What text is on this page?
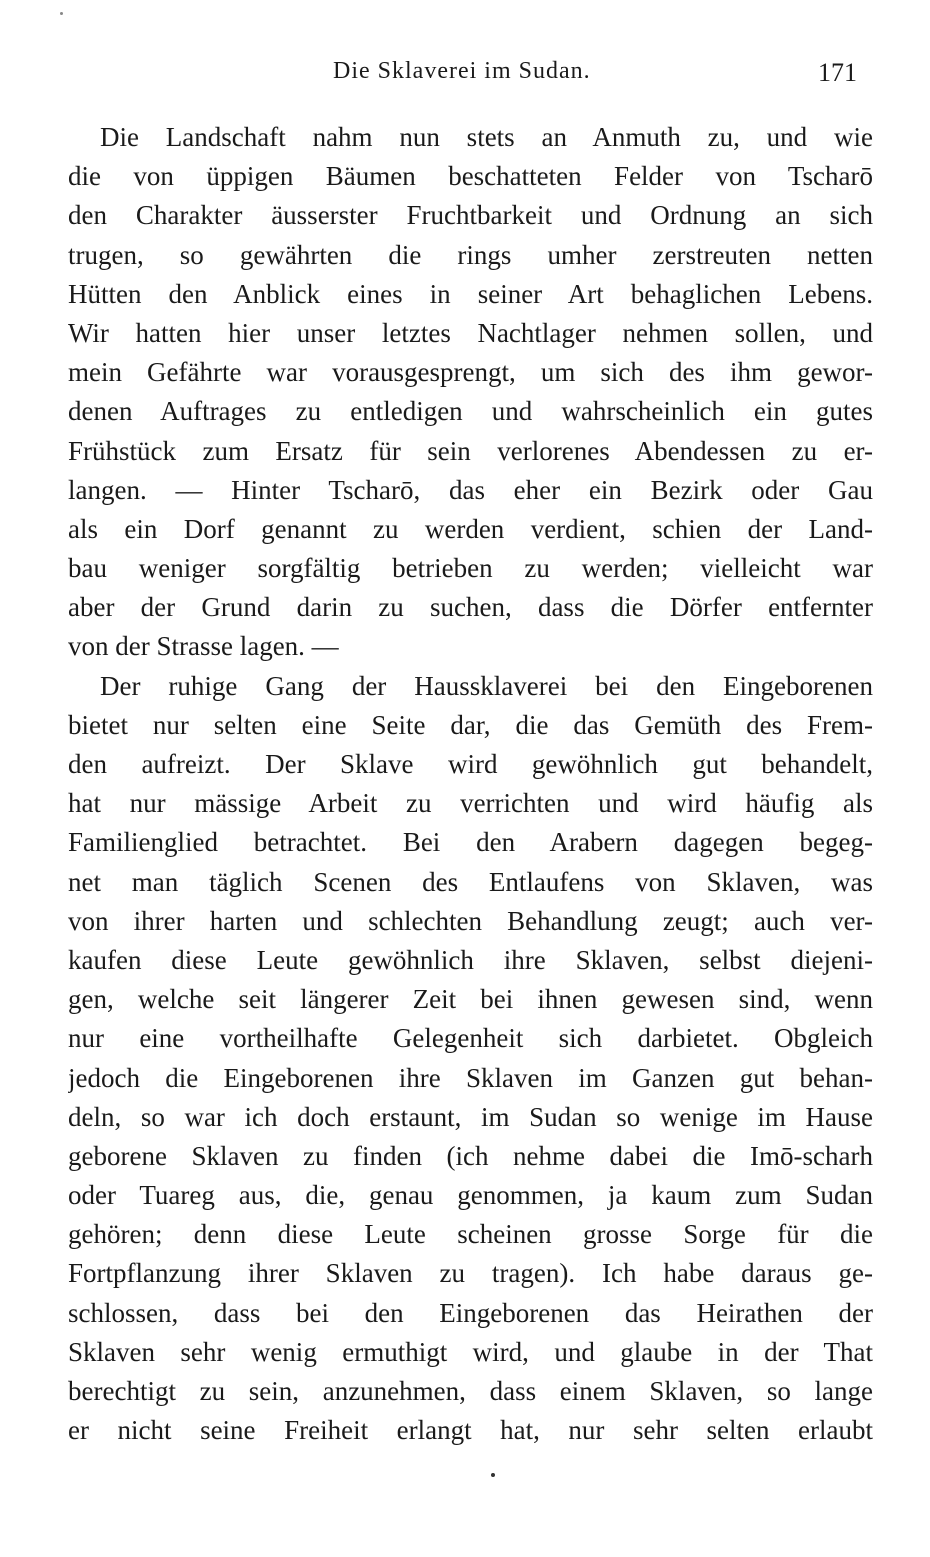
Die Sklaverei im Sudan.	171
Die Landschaft nahm nun stets an Anmuth zu, und wie
die von üppigen Bäumen beschatteten Felder von Tscharō
den Charakter äusserster Fruchtbarkeit und Ordnung an sich
trugen, so gewährten die rings umher zerstreuten netten
Hütten den Anblick eines in seiner Art behaglichen Lebens.
Wir hatten hier unser letztes Nachtlager nehmen sollen, und
mein Gefährte war vorausgesprengt, um sich des ihm gewor-
denen Auftrages zu entledigen und wahrscheinlich ein gutes
Frühstück zum Ersatz für sein verlorenes Abendessen zu er-
langen. — Hinter Tscharō, das eher ein Bezirk oder Gau
als ein Dorf genannt zu werden verdient, schien der Land-
bau weniger sorgfältig betrieben zu werden; vielleicht war
aber der Grund darin zu suchen, dass die Dörfer entfernter
von der Strasse lagen. —
Der ruhige Gang der Haussklaverei bei den Eingeborenen
bietet nur selten eine Seite dar, die das Gemüth des Frem-
den aufreizt. Der Sklave wird gewöhnlich gut behandelt,
hat nur mässige Arbeit zu verrichten und wird häufig als
Familienglied betrachtet. Bei den Arabern dagegen begeg-
net man täglich Scenen des Entlaufens von Sklaven, was
von ihrer harten und schlechten Behandlung zeugt; auch ver-
kaufen diese Leute gewöhnlich ihre Sklaven, selbst diejeni-
gen, welche seit längerer Zeit bei ihnen gewesen sind, wenn
nur eine vortheilhafte Gelegenheit sich darbietet. Obgleich
jedoch die Eingeborenen ihre Sklaven im Ganzen gut behan-
deln, so war ich doch erstaunt, im Sudan so wenige im Hause
geborene Sklaven zu finden (ich nehme dabei die Imō-scharh
oder Tuareg aus, die, genau genommen, ja kaum zum Sudan
gehören; denn diese Leute scheinen grosse Sorge für die
Fortpflanzung ihrer Sklaven zu tragen). Ich habe daraus ge-
schlossen, dass bei den Eingeborenen das Heirathen der
Sklaven sehr wenig ermuthigt wird, und glaube in der That
berechtigt zu sein, anzunehmen, dass einem Sklaven, so lange
er nicht seine Freiheit erlangt hat, nur sehr selten erlaubt
